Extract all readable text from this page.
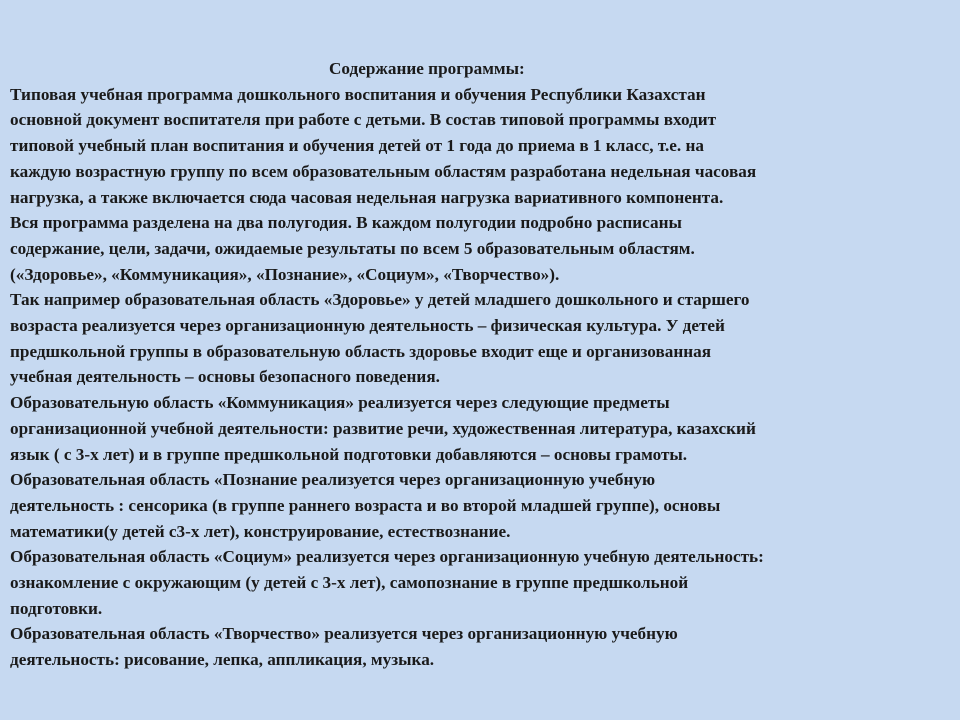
Содержание программы:
Типовая учебная программа дошкольного воспитания и обучения Республики Казахстан
основной документ воспитателя при работе с детьми. В состав типовой программы входит
типовой учебный план воспитания и обучения детей от 1 года до приема в 1 класс, т.е. на
каждую возрастную группу по всем образовательным областям разработана недельная часовая
нагрузка, а также включается сюда часовая недельная нагрузка вариативного компонента.
Вся программа разделена на два полугодия. В каждом полугодии подробно расписаны
содержание, цели, задачи, ожидаемые результаты по всем 5 образовательным областям.
(«Здоровье», «Коммуникация», «Познание», «Социум», «Творчество»).
Так например образовательная область «Здоровье» у детей младшего дошкольного и старшего
возраста реализуется через организационную деятельность – физическая культура. У детей
предшкольной группы в образовательную область здоровье входит еще и организованная
учебная деятельность – основы безопасного поведения.
Образовательную область «Коммуникация» реализуется через следующие предметы
организационной учебной деятельности: развитие речи, художественная литература, казахский
язык ( с 3-х лет) и в группе предшкольной подготовки добавляются – основы грамоты.
Образовательная область «Познание реализуется через организационную учебную
деятельность : сенсорика (в группе раннего возраста и во второй младшей группе), основы
математики(у детей с3-х лет), конструирование, естествознание.
Образовательная область «Социум» реализуется через организационную учебную деятельность:
ознакомление с окружающим (у детей с 3-х лет), самопознание в группе предшкольной
подготовки.
Образовательная область «Творчество» реализуется через организационную учебную
деятельность: рисование, лепка, аппликация, музыка.
